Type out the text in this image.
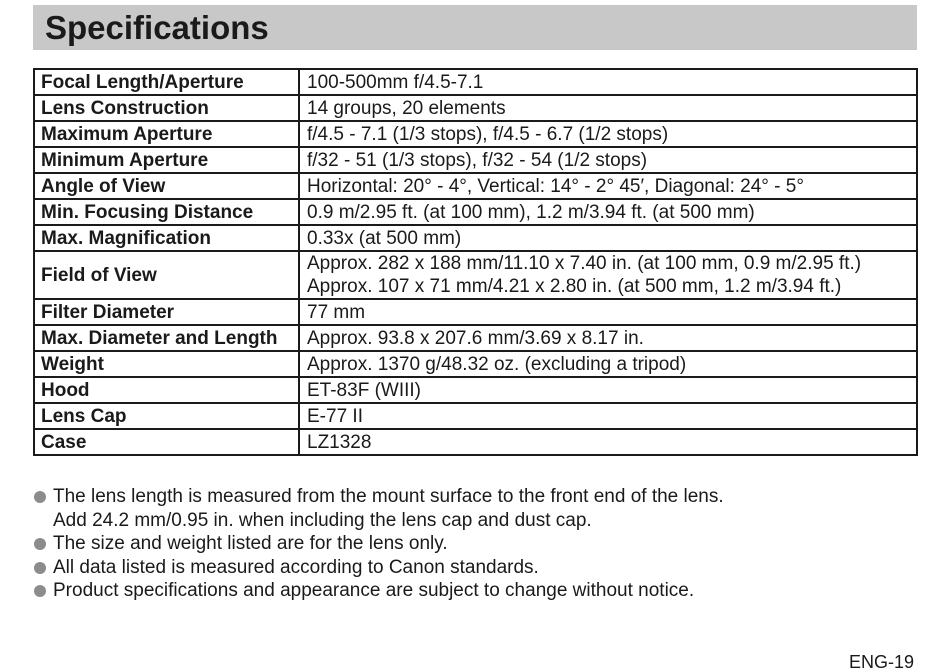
Specifications
Focal Length/Aperture	100-500mm f/4.5-7.1

Lens Construction	14 groups, 20 elements

Maximum Aperture	f/4.5 - 7.1 (1/3 stops), f/4.5 - 6.7 (1/2 stops)

Minimum Aperture	f/32 - 51 (1/3 stops), f/32 - 54 (1/2 stops)

Angle of View	Horizontal: 20° - 4°, Vertical: 14° - 2° 45′, Diagonal: 24° - 5°

Min. Focusing Distance	0.9 m/2.95 ft. (at 100 mm), 1.2 m/3.94 ft. (at 500 mm)

Max. Magnification	0.33x (at 500 mm)

Field of View	Approx. 282 x 188 mm/11.10 x 7.40 in. (at 100 mm, 0.9 m/2.95 ft.)
Approx. 107 x 71 mm/4.21 x 2.80 in. (at 500 mm, 1.2 m/3.94 ft.)

Filter Diameter	77 mm

Max. Diameter and Length	Approx. 93.8 x 207.6 mm/3.69 x 8.17 in.

Weight	Approx. 1370 g/48.32 oz. (excluding a tripod)

Hood	ET-83F (WIII)

Lens Cap	E-77 II

Case	LZ1328
The lens length is measured from the mount surface to the front end of the lens.
Add 24.2 mm/0.95 in. when including the lens cap and dust cap.
The size and weight listed are for the lens only.
All data listed is measured according to Canon standards.
Product specifications and appearance are subject to change without notice.
ENG-19
